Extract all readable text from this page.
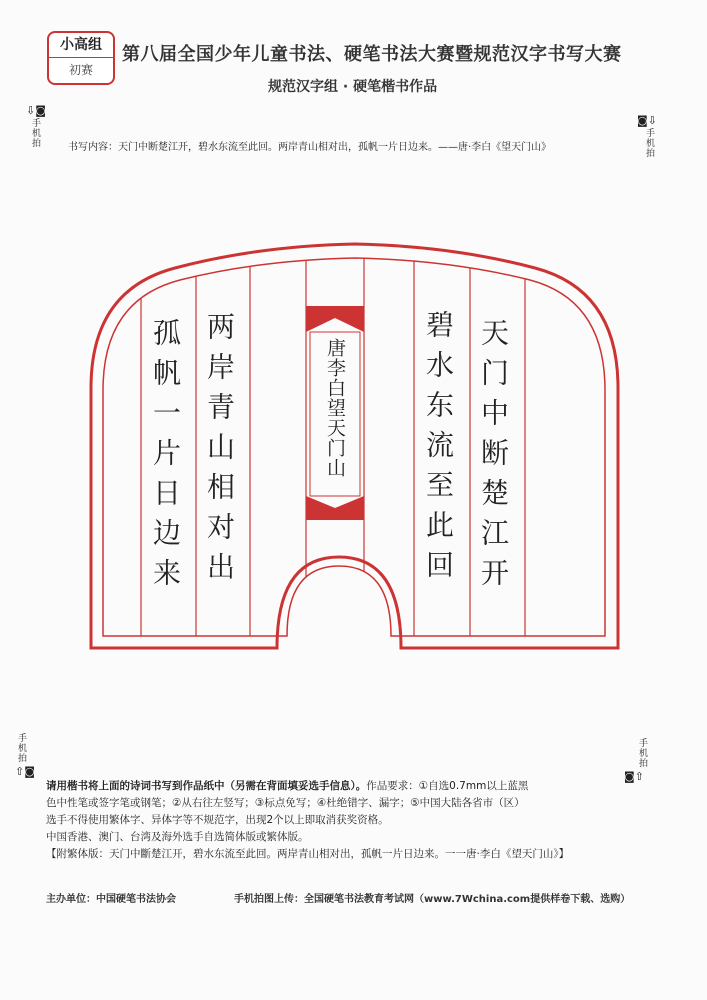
小高组
初赛
第八届全国少年儿童书法、硬笔书法大赛暨规范汉字书写大赛
规范汉字组 · 硬笔楷书作品
⇩◙
手机拍	◙⇩
手机拍
手机拍
⇧◙
手机拍
◙⇧
书写内容：天门中断楚江开，碧水东流至此回。两岸青山相对出，孤帆一片日边来。——唐·李白《望天门山》
天门中断楚江开
碧水东流至此回
两岸青山相对出
孤帆一片日边来	唐李白望天门山
请用楷书将上面的诗词书写到作品纸中（另需在背面填妥选手信息）。作品要求：①自选0.7mm以上蓝黑
色中性笔或签字笔或钢笔；②从右往左竖写；③标点免写；④杜绝错字、漏字；⑤中国大陆各省市（区）
选手不得使用繁体字、异体字等不规范字，出现2个以上即取消获奖资格。
中国香港、澳门、台湾及海外选手自选简体版或繁体版。
【附繁体版：天门中斷楚江开，碧水东流至此回。两岸青山相对出，孤帆一片日边来。一一唐·李白《望天门山》】
主办单位：中国硬笔书法协会	手机拍图上传：全国硬笔书法教育考试网（www.7Wchina.com提供样卷下载、选购）
